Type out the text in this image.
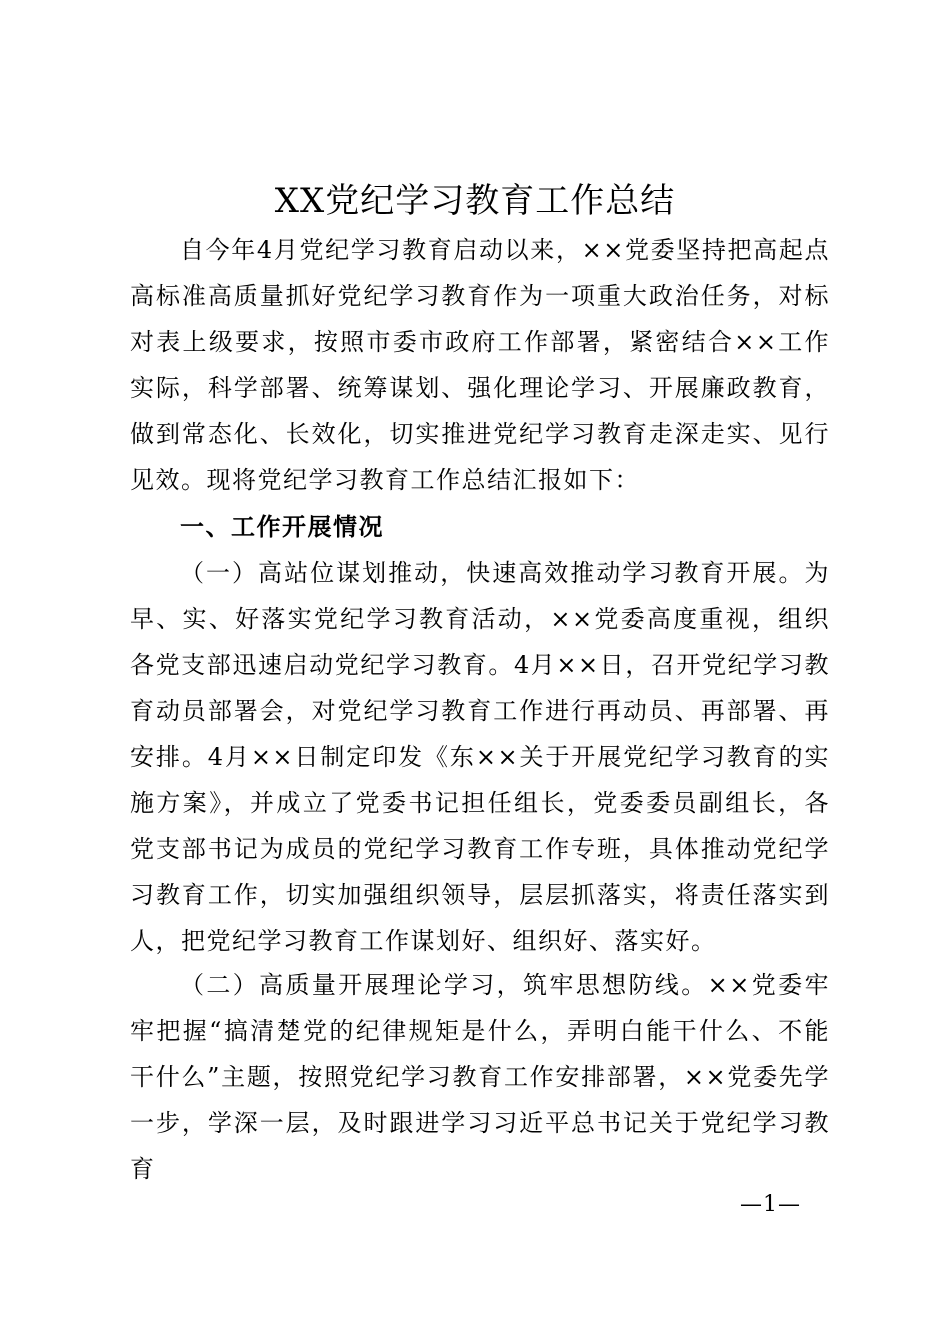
XX党纪学习教育工作总结

自今年4月党纪学习教育启动以来，××党委坚持把高起点高标准高质量抓好党纪学习教育作为一项重大政治任务，对标对表上级要求，按照市委市政府工作部署，紧密结合××工作实际，科学部署、统筹谋划、强化理论学习、开展廉政教育，做到常态化、长效化，切实推进党纪学习教育走深走实、见行见效。现将党纪学习教育工作总结汇报如下：

一、工作开展情况

（一）高站位谋划推动，快速高效推动学习教育开展。为早、实、好落实党纪学习教育活动，××党委高度重视，组织各党支部迅速启动党纪学习教育。4月××日，召开党纪学习教育动员部署会，对党纪学习教育工作进行再动员、再部署、再安排。4月××日制定印发《东××关于开展党纪学习教育的实施方案》，并成立了党委书记担任组长，党委委员副组长，各党支部书记为成员的党纪学习教育工作专班，具体推动党纪学习教育工作，切实加强组织领导，层层抓落实，将责任落实到人，把党纪学习教育工作谋划好、组织好、落实好。

（二）高质量开展理论学习，筑牢思想防线。××党委牢牢把握“搞清楚党的纪律规矩是什么，弄明白能干什么、不能干什么”主题，按照党纪学习教育工作安排部署，××党委先学一步，学深一层，及时跟进学习习近平总书记关于党纪学习教育

—1—
